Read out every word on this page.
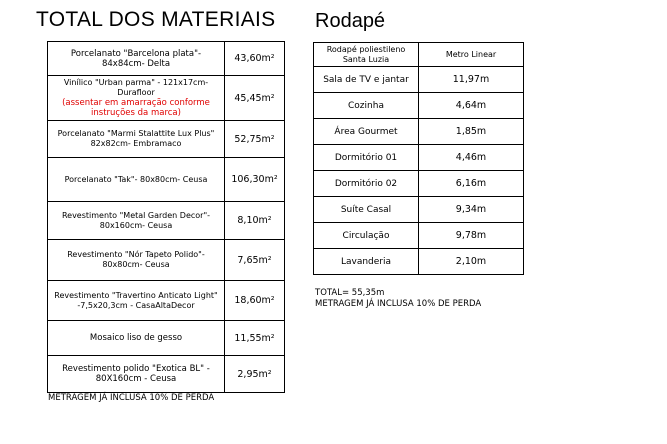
TOTAL DOS MATERIAIS Rodapé
Porcelanato "Barcelona plata"- 84x84cm- Delta	43,60m²

Vinílico "Urban parma" - 121x17cm- Durafloor
(assentar em amarração conforme instruções da marca)	45,45m²
Porcelanato "Marmi Stalattite Lux Plus" 82x82cm- Embramaco	52,75m²
Porcelanato "Tak"- 80x80cm- Ceusa	106,30m²
Revestimento "Metal Garden Decor"- 80x160cm- Ceusa	8,10m²
Revestimento "Nór Tapeto Polido"- 80x80cm- Ceusa	7,65m²
Revestimento "Travertino Anticato Light" -7,5x20,3cm - CasaAltaDecor	18,60m²
Mosaico liso de gesso	11,55m²
Revestimento polido "Exotica BL" - 80X160cm - Ceusa	2,95m²
METRAGEM JÁ INCLUSA 10% DE PERDA
Rodapé poliestileno Santa Luzia	Metro Linear
Sala de TV e jantar	11,97m
Cozinha	4,64m
Área Gourmet	1,85m
Dormitório 01	4,46m
Dormitório 02	6,16m
Suíte Casal	9,34m
Circulação	9,78m
Lavanderia	2,10m
TOTAL= 55,35m
METRAGEM JÁ INCLUSA 10% DE PERDA
